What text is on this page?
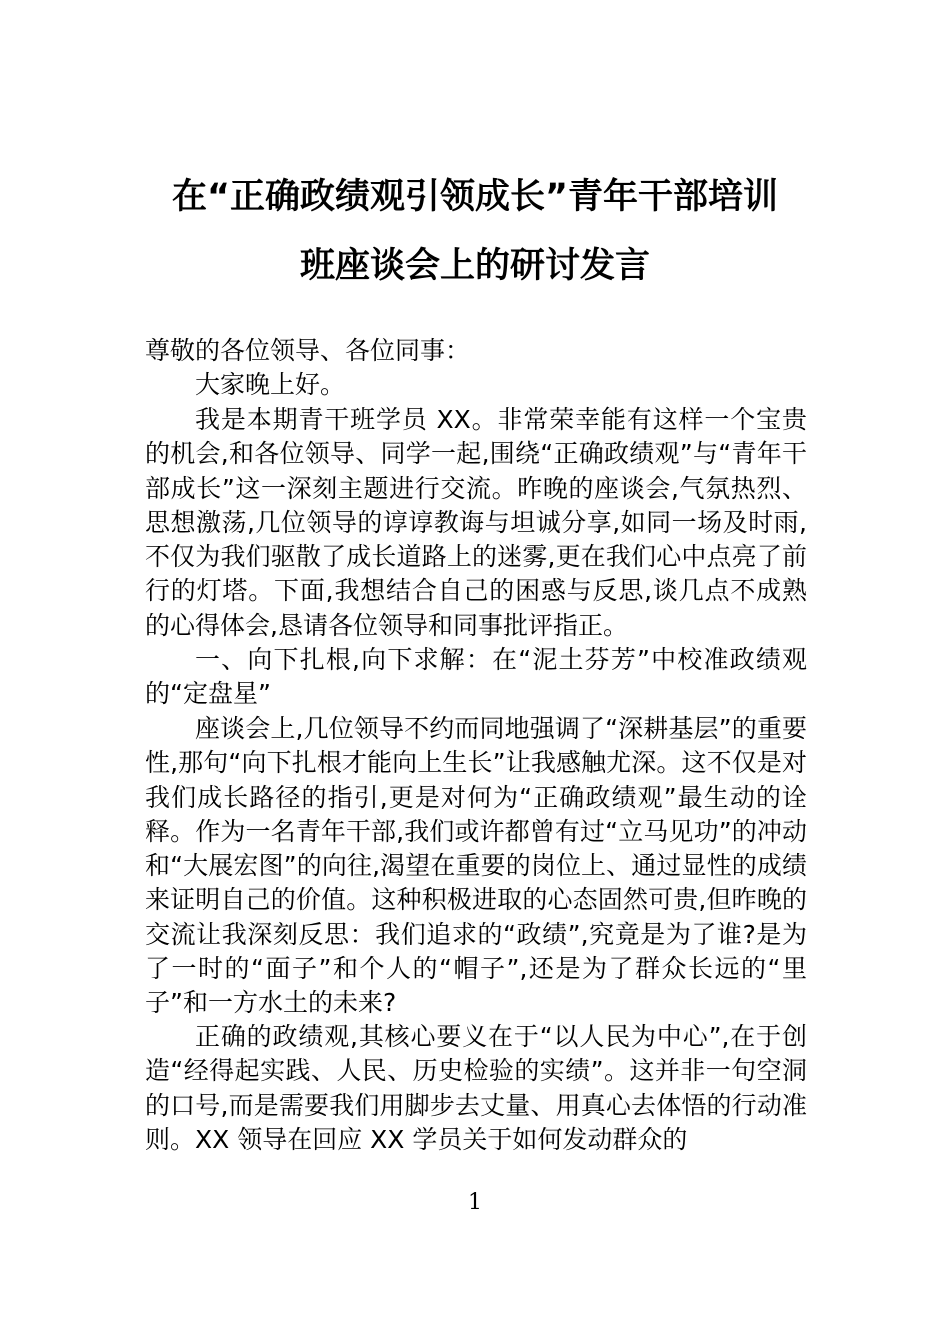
在“正确政绩观引领成长”青年干部培训
班座谈会上的研讨发言

尊敬的各位领导、各位同事：

大家晚上好。

我是本期青干班学员 XX。非常荣幸能有这样一个宝贵的机会,和各位领导、同学一起,围绕“正确政绩观”与“青年干部成长”这一深刻主题进行交流。昨晚的座谈会,气氛热烈、思想激荡,几位领导的谆谆教诲与坦诚分享,如同一场及时雨,不仅为我们驱散了成长道路上的迷雾,更在我们心中点亮了前行的灯塔。下面,我想结合自己的困惑与反思,谈几点不成熟的心得体会,恳请各位领导和同事批评指正。

一、向下扎根,向下求解：在“泥土芬芳”中校准政绩观的“定盘星”

座谈会上,几位领导不约而同地强调了“深耕基层”的重要性,那句“向下扎根才能向上生长”让我感触尤深。这不仅是对我们成长路径的指引,更是对何为“正确政绩观”最生动的诠释。作为一名青年干部,我们或许都曾有过“立马见功”的冲动和“大展宏图”的向往,渴望在重要的岗位上、通过显性的成绩来证明自己的价值。这种积极进取的心态固然可贵,但昨晚的交流让我深刻反思：我们追求的“政绩”,究竟是为了谁?是为了一时的“面子”和个人的“帽子”,还是为了群众长远的“里子”和一方水土的未来?

正确的政绩观,其核心要义在于“以人民为中心”,在于创造“经得起实践、人民、历史检验的实绩”。这并非一句空洞的口号,而是需要我们用脚步去丈量、用真心去体悟的行动准则。XX 领导在回应 XX 学员关于如何发动群众的

1
